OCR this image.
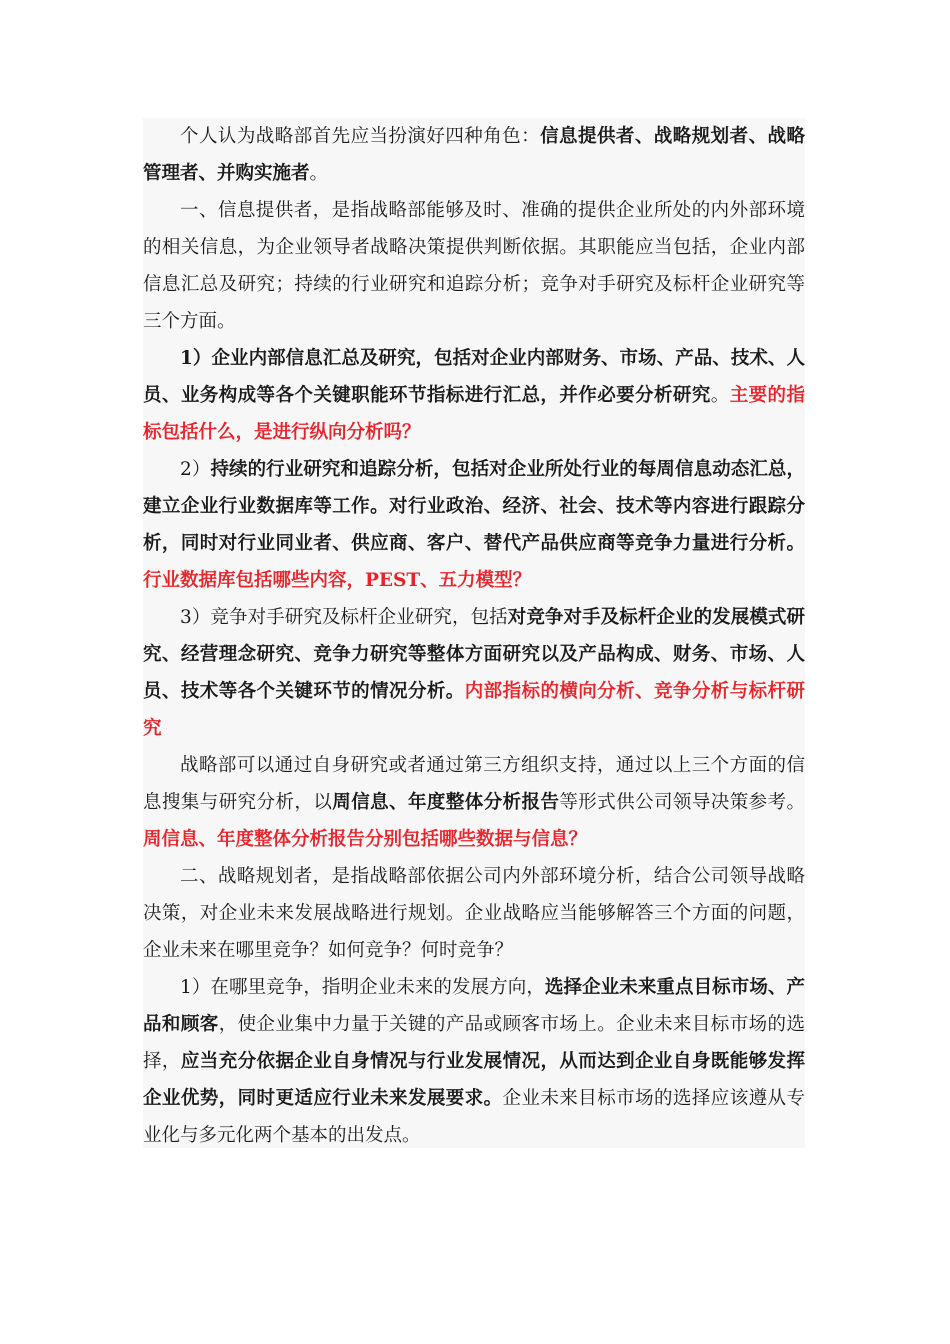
个人认为战略部首先应当扮演好四种角色：信息提供者、战略规划者、战略管理者、并购实施者。

一、信息提供者，是指战略部能够及时、准确的提供企业所处的内外部环境的相关信息，为企业领导者战略决策提供判断依据。其职能应当包括，企业内部信息汇总及研究；持续的行业研究和追踪分析；竞争对手研究及标杆企业研究等三个方面。

1）企业内部信息汇总及研究，包括对企业内部财务、市场、产品、技术、人员、业务构成等各个关键职能环节指标进行汇总，并作必要分析研究。主要的指标包括什么，是进行纵向分析吗？

2）持续的行业研究和追踪分析，包括对企业所处行业的每周信息动态汇总，建立企业行业数据库等工作。对行业政治、经济、社会、技术等内容进行跟踪分析，同时对行业同业者、供应商、客户、替代产品供应商等竞争力量进行分析。行业数据库包括哪些内容，PEST、五力模型？

3）竞争对手研究及标杆企业研究，包括对竞争对手及标杆企业的发展模式研究、经营理念研究、竞争力研究等整体方面研究以及产品构成、财务、市场、人员、技术等各个关键环节的情况分析。内部指标的横向分析、竞争分析与标杆研究

战略部可以通过自身研究或者通过第三方组织支持，通过以上三个方面的信息搜集与研究分析，以周信息、年度整体分析报告等形式供公司领导决策参考。周信息、年度整体分析报告分别包括哪些数据与信息？

二、战略规划者，是指战略部依据公司内外部环境分析，结合公司领导战略决策，对企业未来发展战略进行规划。企业战略应当能够解答三个方面的问题，企业未来在哪里竞争？如何竞争？何时竞争？

1）在哪里竞争，指明企业未来的发展方向，选择企业未来重点目标市场、产品和顾客，使企业集中力量于关键的产品或顾客市场上。企业未来目标市场的选择，应当充分依据企业自身情况与行业发展情况，从而达到企业自身既能够发挥企业优势，同时更适应行业未来发展要求。企业未来目标市场的选择应该遵从专业化与多元化两个基本的出发点。
